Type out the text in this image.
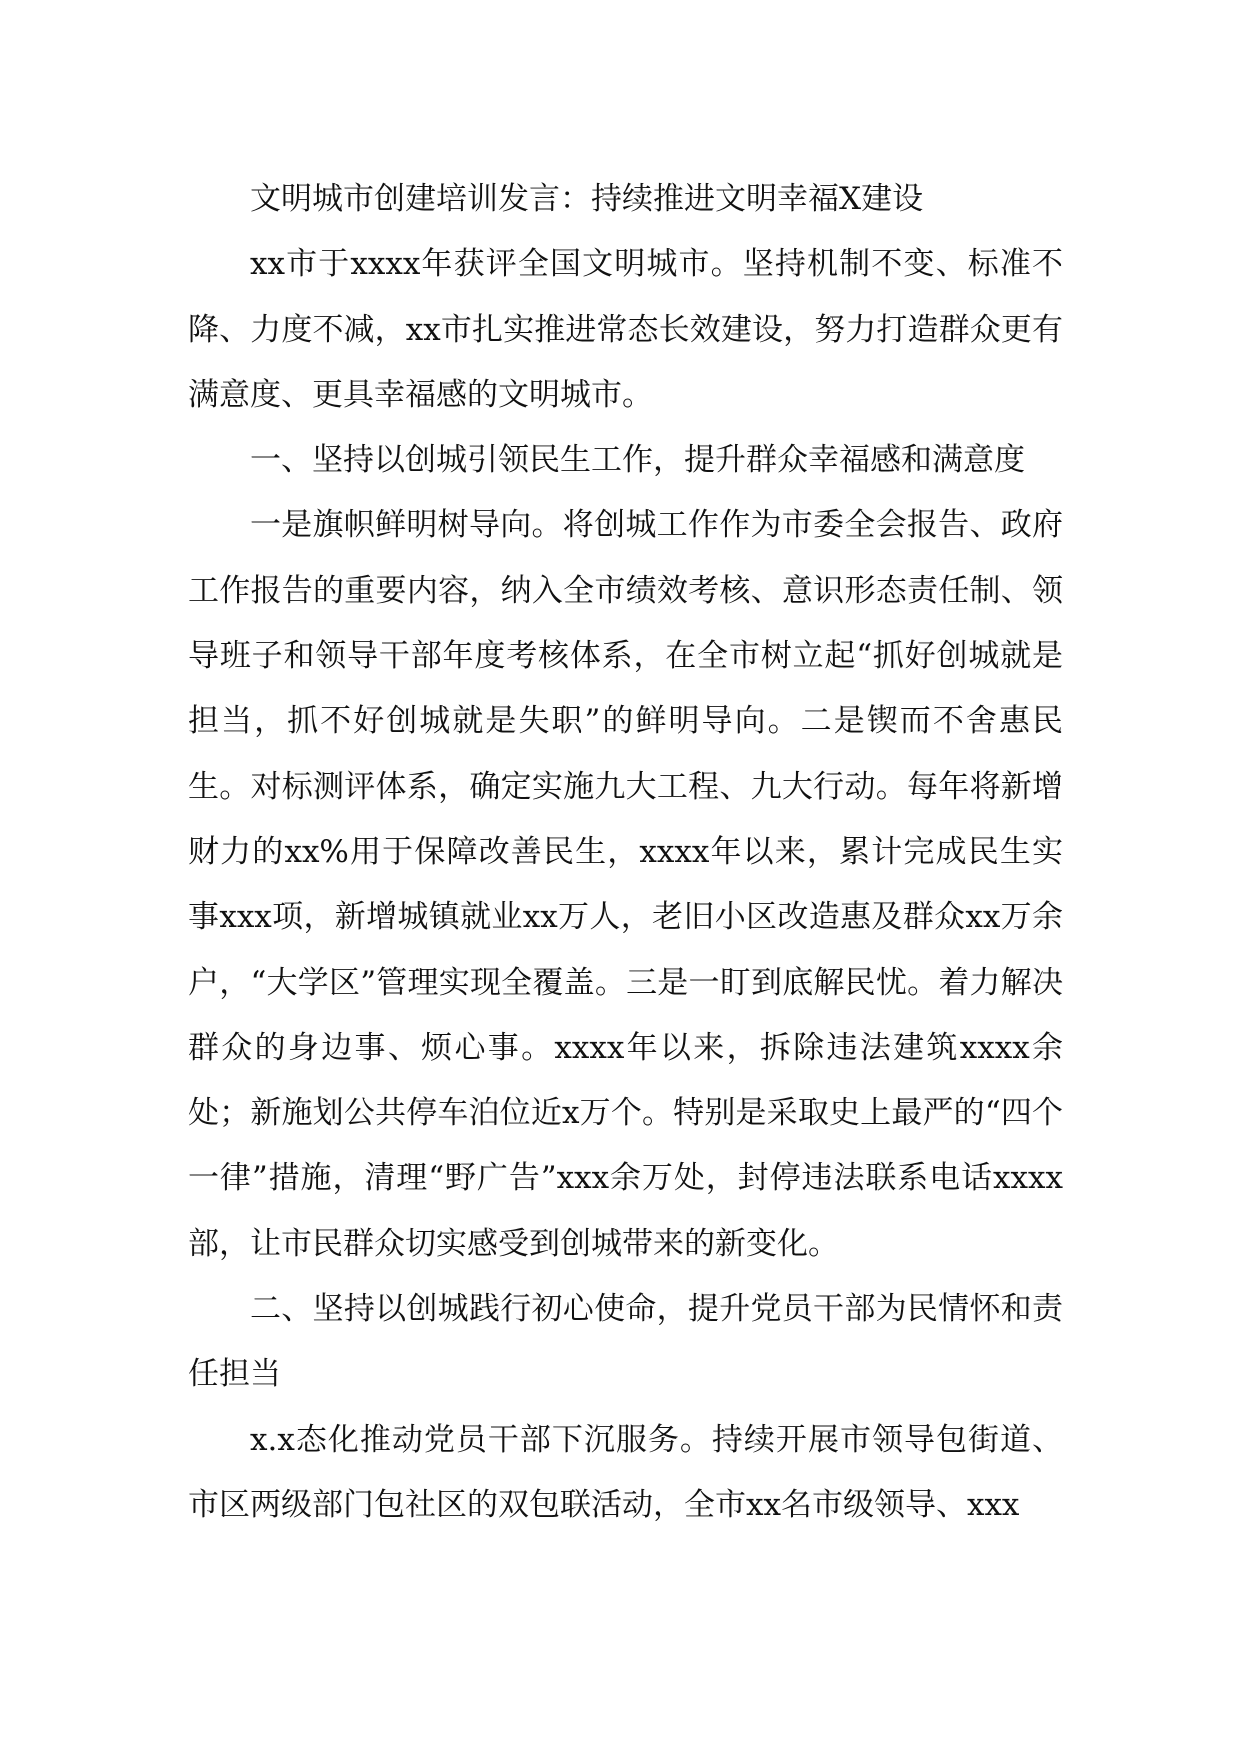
文明城市创建培训发言：持续推进文明幸福X建设

xx市于xxxx年获评全国文明城市。坚持机制不变、标准不降、力度不减，xx市扎实推进常态长效建设，努力打造群众更有满意度、更具幸福感的文明城市。

一、坚持以创城引领民生工作，提升群众幸福感和满意度

一是旗帜鲜明树导向。将创城工作作为市委全会报告、政府工作报告的重要内容，纳入全市绩效考核、意识形态责任制、领导班子和领导干部年度考核体系，在全市树立起“抓好创城就是担当，抓不好创城就是失职”的鲜明导向。二是锲而不舍惠民生。对标测评体系，确定实施九大工程、九大行动。每年将新增财力的xx%用于保障改善民生，xxxx年以来，累计完成民生实事xxx项，新增城镇就业xx万人，老旧小区改造惠及群众xx万余户，“大学区”管理实现全覆盖。三是一盯到底解民忧。着力解决群众的身边事、烦心事。xxxx年以来，拆除违法建筑xxxx余处；新施划公共停车泊位近x万个。特别是采取史上最严的“四个一律”措施，清理“野广告”xxx余万处，封停违法联系电话xxxx部，让市民群众切实感受到创城带来的新变化。

二、坚持以创城践行初心使命，提升党员干部为民情怀和责任担当

x.x态化推动党员干部下沉服务。持续开展市领导包街道、市区两级部门包社区的双包联活动，全市xx名市级领导、xxx
